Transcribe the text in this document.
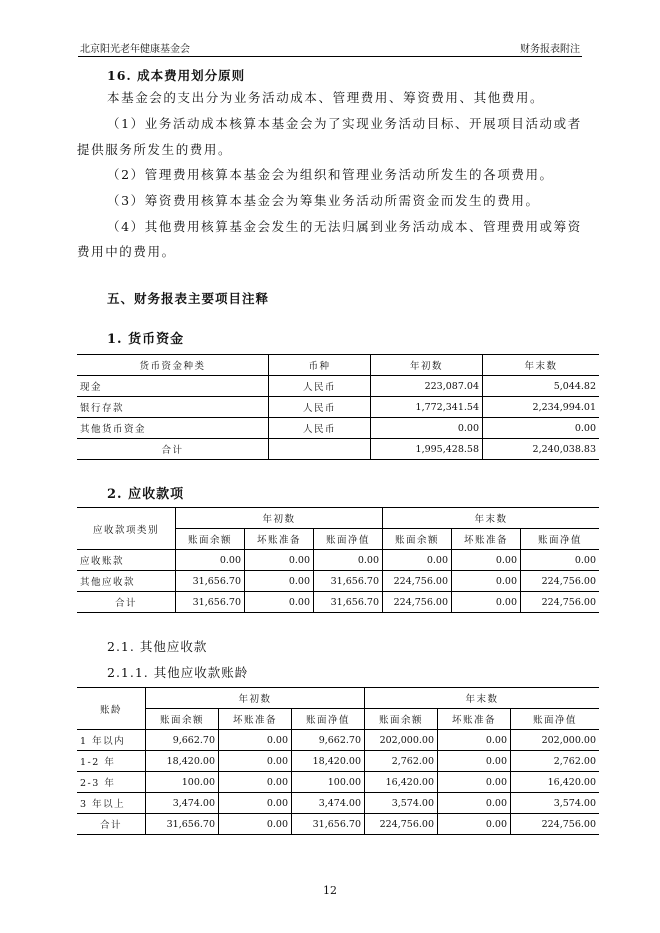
北京阳光老年健康基金会	财务报表附注
16. 成本费用划分原则
本基金会的支出分为业务活动成本、管理费用、筹资费用、其他费用。
（1）业务活动成本核算本基金会为了实现业务活动目标、开展项目活动或者
提供服务所发生的费用。
（2）管理费用核算本基金会为组织和管理业务活动所发生的各项费用。
（3）筹资费用核算本基金会为筹集业务活动所需资金而发生的费用。
（4）其他费用核算基金会发生的无法归属到业务活动成本、管理费用或筹资
费用中的费用。
五、财务报表主要项目注释
1. 货币资金
货币资金种类	币种	年初数	年末数
现金	人民币	223,087.04	5,044.82
银行存款	人民币	1,772,341.54	2,234,994.01
其他货币资金	人民币	0.00	0.00
合计		1,995,428.58	2,240,038.83
2. 应收款项
应收款项类别	年初数			年末数		
	账面余额	坏账准备	账面净值	账面余额	坏账准备	账面净值
应收账款	0.00	0.00	0.00	0.00	0.00	0.00
其他应收款	31,656.70	0.00	31,656.70	224,756.00	0.00	224,756.00
合计	31,656.70	0.00	31,656.70	224,756.00	0.00	224,756.00
2.1. 其他应收款
2.1.1. 其他应收款账龄
账龄	年初数			年末数		
	账面余额	坏账准备	账面净值	账面余额	坏账准备	账面净值
1 年以内	9,662.70	0.00	9,662.70	202,000.00	0.00	202,000.00
1-2 年	18,420.00	0.00	18,420.00	2,762.00	0.00	2,762.00
2-3 年	100.00	0.00	100.00	16,420.00	0.00	16,420.00
3 年以上	3,474.00	0.00	3,474.00	3,574.00	0.00	3,574.00
合计	31,656.70	0.00	31,656.70	224,756.00	0.00	224,756.00
12
